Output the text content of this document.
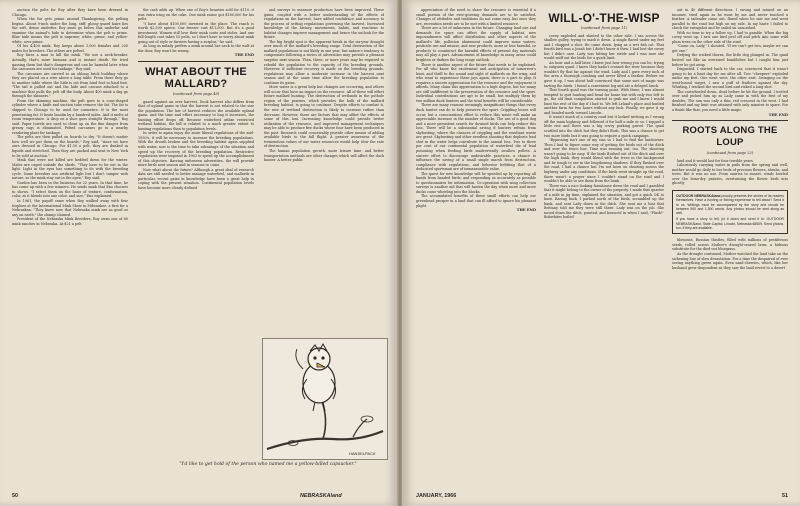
auction the pelts for Roy after they have been dressed in Chicago.

When the fur gets prime around Thanksgiving, the pelting begins. About 9-inch under the long, stiff, glossy guard hairs lies the soft, dense underfur. Roy must go below this underfur and examine the animal's hide to determine when the pelt is prime. Blue hide means the pelt is unprime; white, prime; and yellow-white, over prime.

Of his 4,400 mink, Roy keeps about 1,000 females and 200 males for breeders. The others are pelted.

Roy hires a man to kill the mink. "We use a neck-breaker. Actually, that's more humane and is instant death. We tried gassing them but that's dangerous and can be harmful later when the carcasses are used for tankage," Roy said.

The carcasses are carried to an oblong brick building where they are placed on a wire above a long table. From there they go to another table where the hide is cut from hind foot to hind foot. "The tail is pulled out and the hide and carcass attached to a machine that pulls the pelt off the body. About 400 mink a day go through the skinners."

From the skinning machine, the pelt goes to a cone-shaped cylinder where a knife and suction tube remove the fat. The fat is shipped to Chicago to be used for cosmetics. It is the most penetrating fat. It beats lanolin by a hundred miles. And it melts at room temperature. A drop on a shoe goes straight through," Roy said. Paper towels are used to clean up on the fine danger from greasy rags is eliminated. Pelted carcasses go to a nearby rendering plant for tankage.

The pelts are then pulled on boards to dry. "It doesn't matter how well we put them on the boards," Roy said, "since we have ours dressed in Chicago. For $1.50 a pelt, they are dunked in liquids and stretched. Then they are packed and sent to New York to be sold at auction."

Mink that were not killed are bedded down for the winter. Males are caged outside the sheds. "They have to be out in the light. Light in the eyes has something to do with the breeding cycle. Some breeders use artificial light but I don't tamper with nature, so the mink stay out in the open," Roy said.

Gordon has been in the business for 22 years. In that time, he has come up with a few winners. He sends mink that Eno chooses to shows. "I select them on the basis of texture, conformation, color, as it blends into one color, and size," Eno explained.

In 1961, the payoff came when Roy walked away with four trophies at the International Mink Show in Milwaukee, a first for a Nebraskan. "They knew now that Nebraska mink are as good as any on earth," the champ claimed.

President of the Nebraska Mink Breeders, Roy owns one of 80 mink ranches in Nebraska. At $21 a pelt

the cash adds up. When one of Roy's beauties sold for $110, it was extra icing on the cake. One mink raiser got $180,000 for his pelts.

"I have about $100,000 invested in the place. The ranch is worth $2,500 apiece. Our freezer cost $11,000. But it's a good investment. Women still love their mink coats and stoles. And one full-length coat takes 55 pelts, so I don't have to worry about mink going out of style or furriers having a surplus," he said.

As long as milady prefers a mink around her neck to the wolf at the door, Roy won't be wrong.

THE END
WHAT ABOUT THE MALLARD?
(continued from page 49)

guard against an over harvest. Duck harvest also differs from that of upland game in that the harvest is not related to the size the population. The law of harvest reduces the available upland game, and the time and effort necessary to bag it increases, the hunting effort drops off. Because waterfowl utilize restricted wetland habitat, the kill is related to a much greater extent to hunting regulations than to population levels.

In order to again enjoy the more liberal regulations of the mid-1950's, it will be necessary to increase the breeding populations. With the drouth broken and the breeding habitat again supplied with water, now is the time to take advantage of the situation and speed up the recovery of the breeding population. Restrictive regulations were imposed in 1963 to speed up the accomplishment of this objective. Barring unforseen adversities, the will provide more birds next season and in seasons to come.

Now what about the future? Although a great deal of research data are still needed to better manage waterfowl, and mallards in particular, recent gains in knowledge have been a great help in coping with the present situation. Continental population levels have become more clearly defined

and surveys to measure production have been improved. These gains, coupled with a better understanding of the effects of regulations on the harvest, have added confidence and accuracy to the process of setting regulations governing the harvest. Increased knowledge of the history, movements, habits, and reactions to habitat changes improve management and hence the outlook for the future.

The big bright spot is the apparent break in the six-year drought over much of the mallard's breeding range. Total destruction of the mallard populations is not likely in one year, but nature's tendency to compensate following a series of adversities may provide a pleasant surprise next season. Then, three, or more years may be required to rebuild the population to the capacity of the breeding grounds. However, if sufficient recovery is made on the breeding grounds, regulations may allow a moderate increase in the harvest next season and at the same time allow the breeding population to continue its gains.

More water is a great help but changes are occurring, and others will occur that have an impact on the resource. All of these will effect future mallard hunting. The destruction of wetlands in the pothole region of the prairies, which provides the bulk of the mallard breeding habitat, is going to continue. Despite efforts to combat it, the rate of wetland destruction is likely to increase rather than decrease. However, there are factors that may offset the effects of some of this loss. Increasing knowledge could provide better utilization of the resource, and improved management techniques may be able to produce five ducks where four have been produced in the past. Research could conceivably provide other means of adding available birds to the fall flight. A greater awareness of the tremendous values of our water resources would help slow the rate of destruction.

The human population growth, more leisure time, and better transportation methods are other changes which will affect the duck hunter. A better public

HANSELPACK
"I'd like to get hold of the person who named me a yellow-billed capsucker."
50	NEBRASKAland

appreciation of the need to share the resource is essential if a small portion of the ever-growing demands are to be satisfied. Changes of attitudes and traditions do not come easy, but ones they are, recreation needs are to be met with a limited resource.

There are a lot of unknowns in the future. Changing land use and demands for space can affect the supply of habitat, new impoundments will affect distribution and other aspects of the mallard's life, pollution abatement could improve some waters, pesticide use and misuse, and new products, more or less harmful, or products to counteract the harmful effects of present day materials may all play a part. Advancement of knowledge in many areas could brighten or darken the long range outlook.

There is another aspect of the future that needs to be explained. For all who know the excitement and anticipation of tomorrow's hunt, and thrill to the sound and sight of mallards on the wing, and who want to experience these joys again, there is a part to play. It requires a sincere appreciation for the resource and the enjoyment it affords. Many claim this appreciation to a high degree, but too many are still indifferent to the preservation of the resource and the sport. Individual contributions are apt to be small, but multiply them by two million duck hunters and the total benefits will be considerable.

There are many reasons seemingly insignificant things that every duck hunter can do to help preserve the sport. Crippling losses will occur, but a conscientious effort to reduce this waste will make an appreciable increase in the number of ducks. The use of a good dog and a more persistent search for downed birds can help reduce this loss. There will be a substantial saving if hunters refrain from skybusting, where the chances of crippling and the resultant waste are great. Skybusting and other needless shooting that depleats lead shot in the water helps contribute to the annual loss. Two to three per cent of our continental population of waterfowl die of lead poisoning when feeding birds inadvertently swallow pellets. A sincere effort to discourage undesirable practices, a chance to influence the saving of a small single marsh from destruction, compliance with regulations, and behavior befitting that of a dedicated sportsman are of immeasurable value.

The quest for new knowledge will be speeded up by reporting all bands from banded birds, and responding as accurately as possible to questionnaires for information. Co-operation with wing collection surveys is another aid that will hasten the day when more and more ducks come wheeling into the blocks.

The accumulated benefits of these small efforts can help our greenhead prosper in a land that can ill afford to ignore his pleasant plight.

THE END
WILL-O'-THE-WISP
(continued from page 11)

covey exploded and slanted to the other side. I ran across the shallow gulley, trying to mark it down. A single flared under my feet and I chopped a shot. He came down, lying as a wet fish cat. That fourth bird was a Jonah but I didn't know it then. I had lost the covey but I didn't care. Lady was hitting her stride and I was sure she would sniff out the birds for a quick limit.

An hour and a half later, I knew just how wrong you can be, trying to outguess quail. I knew they hadn't crossed the river because they wouldn't fly that far against the wind. Lady and I gave every inch of the area a thorough combing and never lifted a feather. Before we gave it up, I was about half convinced that some sort of magic was tarting the birds. I found a convenient log and ate a delayed lunch.

That fourth quail was the turning point. With three, I was almost tempted to quit hunting and head for home but with only two left to go, the old limit compulsion started to grab me and I knew I would hunt the rest of the day if I had to. We left Leland's place and hunted another farm for two hours without any luck. Finally, we gave it up and headed north toward Lincoln.

It wasn't much of a country road but it looked inviting as I swung off the main highway and followed it for half a mile or so. I topped a little rise and there was a big covey parking gravel. The quail scuttled into the ditch but they didn't flush. This was a chance to get two more birds but it was going to require a quick campaign.

"Bypassing isn't one of my sins so I had to find the landowner. Then I had to figure some way of getting the birds out of the ditch and over the fence line. Time was running out, too. The shooting wasn't going to be easy. If the birds flushed out of the ditch and over the high bank, they would blend with the trees in the background and be tough to see in the lengthening shadows. If they flushed over the road, I had a chance but I'm not keen on shooting across the highway under any conditions. If the birds went straight up the road, there wasn't a prayer since I couldn't stand on the road and I wouldn't be able to see them from the bank.

There was a nice looking farmhouse down the road and I gambled that it might belong to the owner of the property. I made that quarter of a mile in jig time, explained the situation, and got a quick OK to hunt. Racing back, I parked north of the birds, scrambled up the bank, and sent Lady down in the ditch. She sent me a hint that Brittany told me they were still there. Lady was on the job. She nosed down the ditch, pointed, and bounced in when I said, "Flush!" Bobwhites boiled

out in 40 different directions. I swung and missed on an incomer, tried again as he went by me and never touched a feather. A tailender came out, flared when he saw me and went parallel to the road but high on my side. In my haste I failed to check the swingshot and he sailed on unscathed.

With no time to try a follow up, I had to gamble. When the big covey went up, I saw one bird peel off and pitch into some wild plum trees on the other side of the road.

"Come on, Lady," I shouted. "If we can't get two, maybe we can get one."

Defying the wicked thorns, the little dog plunged in. The quail busted out like an oversized bumblebee but I caught him just before he got away.

Disgusted, I started back to the car, convinced that it wasn't going to be a limit day for me after all. Two "cheepers" exploded under my feet. One went west, the other east. Swinging on the west-bound target, I saw a puff of feathers against the sky. Whirling, I tracked the second bird and risked a long shot.

The cartwheeled down, dead before he hit the ground. I trotted over and picked him up as Lady came in with the first of my doubles. The sun was only a thin, red crescent in the west. I had finished and my limit was attained with only minutes to spare. For a finish like that, you need a little magic.

THE END
ROOTS ALONG THE LOUP
(continued from page 22)

land and it would last for four terrible years.

Laboriously carrying water in pails from the spring and well, mother would go daily to her beds of precious flowers, shrubs, and trees. But it was no use. From sunrise to sunset, winds howled over the bone-dry prairies, overturning the flower beds into ghostly

OUTDOOR NEBRASKAland proudly presents the stories of its readers themselves. Have a hunting or fishing experience to tell about? Send it to us. Writings must be accompanied by the story and should be between 500 and 1,500 words. Any photos should be sent along as well.
If you have a story to tell, jot it down and send it to: OUTDOOR NEBRASKAland, State Capitol, Lincoln, Nebraska 68509. Send photos, too, if they are available.

blowouts. Russian thistles, filled with millions of pestiferous seeds, rolled across Mother's drought-seared lawn, a hideous substitute for the died-out bluegrass.

As the drought continued, Mother watched the land take on the sickening hue of slow devastation. For a time the despaired of ever seeing anything green again. Even sand-cherries, which, like her husband grew despondent as they saw the land revert to a desert

JANUARY, 1966	51
